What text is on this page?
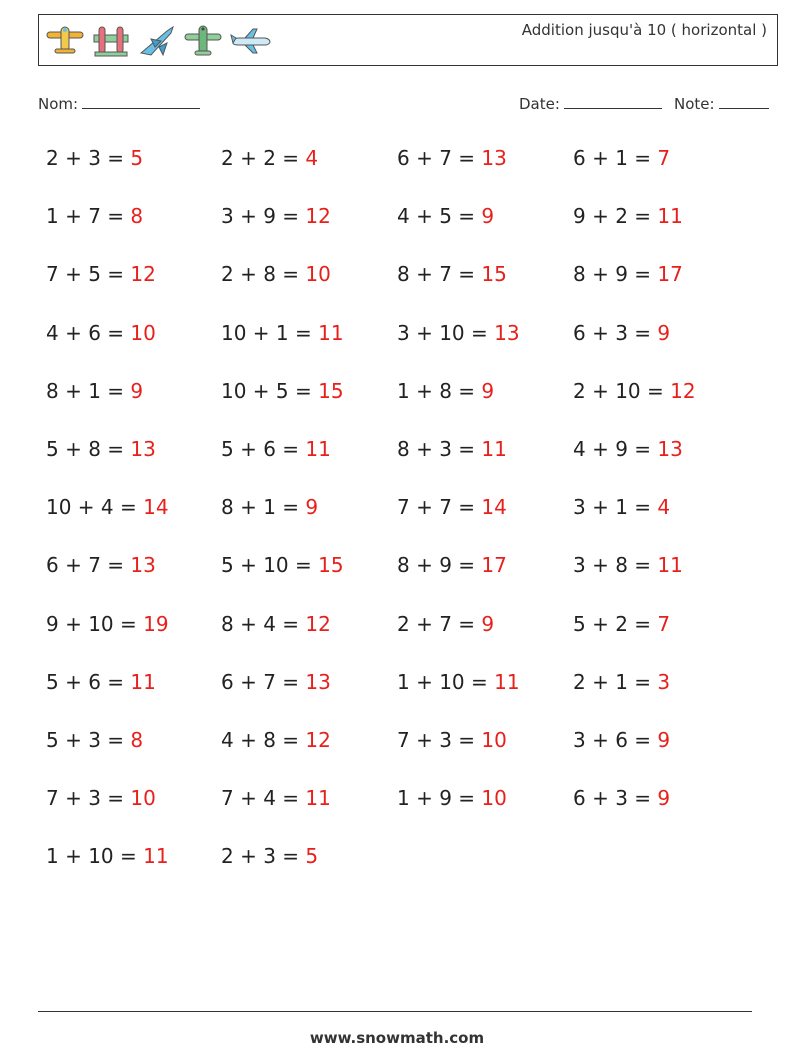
Addition jusqu'à 10 ( horizontal )
Nom:	Date:	Note:
2 + 3 = 5	2 + 2 = 4	6 + 7 = 13	6 + 1 = 7
1 + 7 = 8	3 + 9 = 12	4 + 5 = 9	9 + 2 = 11
7 + 5 = 12	2 + 8 = 10	8 + 7 = 15	8 + 9 = 17
4 + 6 = 10	10 + 1 = 11	3 + 10 = 13	6 + 3 = 9
8 + 1 = 9	10 + 5 = 15	1 + 8 = 9	2 + 10 = 12
5 + 8 = 13	5 + 6 = 11	8 + 3 = 11	4 + 9 = 13
10 + 4 = 14	8 + 1 = 9	7 + 7 = 14	3 + 1 = 4
6 + 7 = 13	5 + 10 = 15	8 + 9 = 17	3 + 8 = 11
9 + 10 = 19	8 + 4 = 12	2 + 7 = 9	5 + 2 = 7
5 + 6 = 11	6 + 7 = 13	1 + 10 = 11	2 + 1 = 3
5 + 3 = 8	4 + 8 = 12	7 + 3 = 10	3 + 6 = 9
7 + 3 = 10	7 + 4 = 11	1 + 9 = 10	6 + 3 = 9
1 + 10 = 11	2 + 3 = 5
www.snowmath.com
